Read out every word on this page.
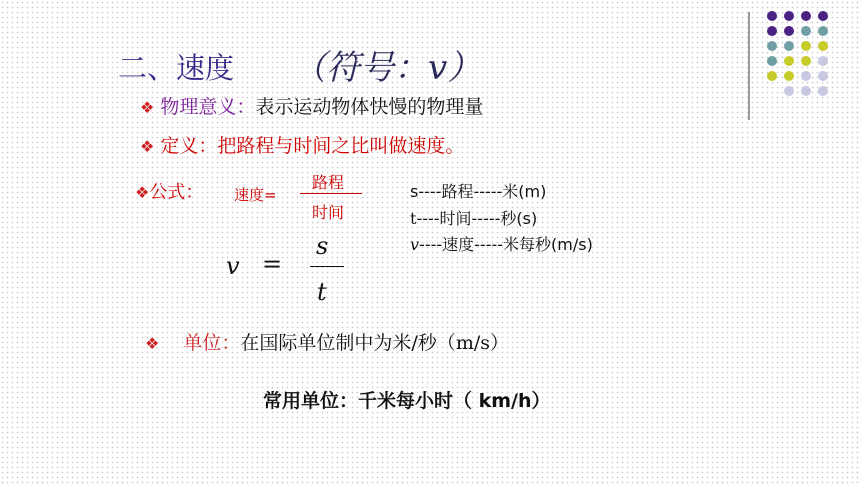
二、速度 （符号：v）
❖ 物理意义：表示运动物体快慢的物理量
❖ 定义：把路程与时间之比叫做速度。
❖公式： 速度=
路程
时间
s----路程-----米(m)
t----时间-----秒(s)
v----速度-----米每秒(m/s)
v =
s
t
❖ 单位：在国际单位制中为米/秒（m/s）
常用单位：千米每小时（ km/h）
